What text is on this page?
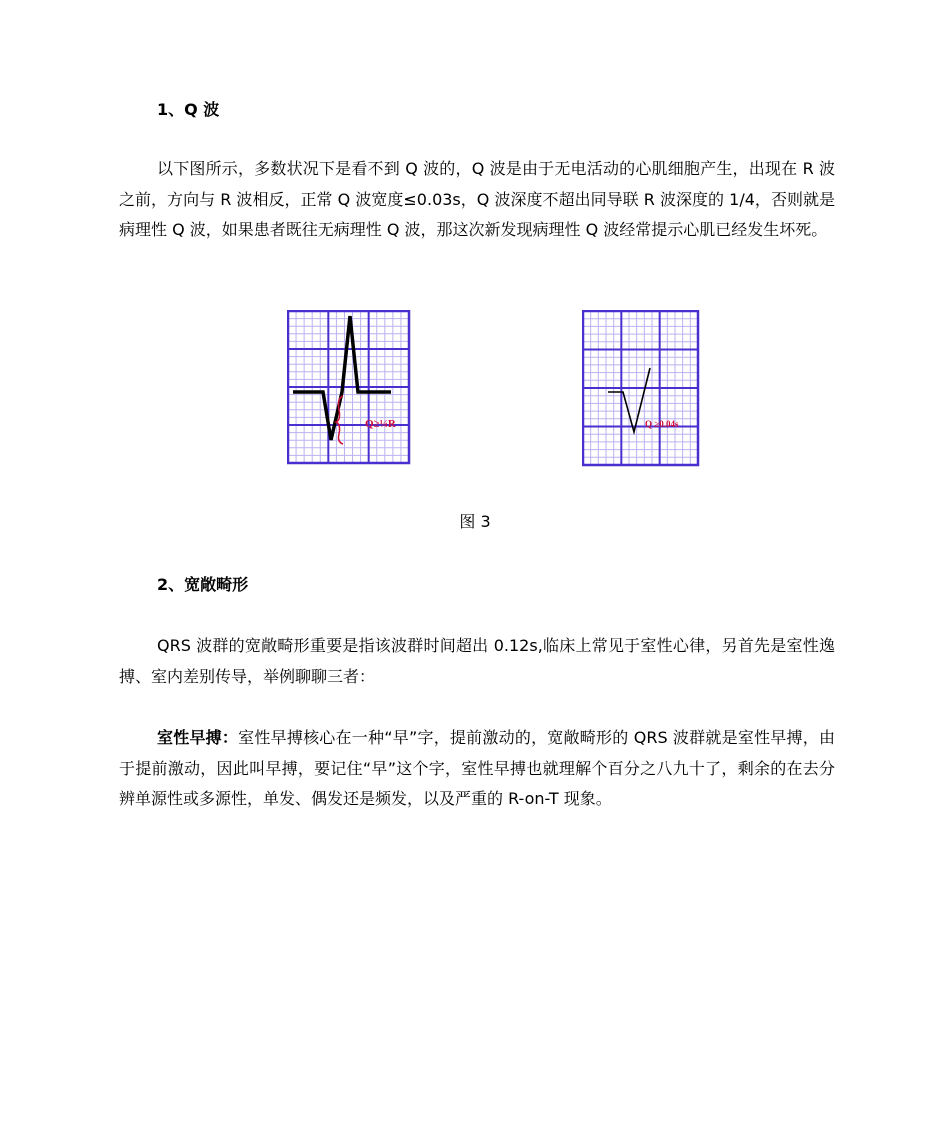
1、Q 波

以下图所示，多数状况下是看不到 Q 波的，Q 波是由于无电活动的心肌细胞产生，出现在 R 波之前，方向与 R 波相反，正常 Q 波宽度≤0.03s，Q 波深度不超出同导联 R 波深度的 1/4，否则就是病理性 Q 波，如果患者既往无病理性 Q 波，那这次新发现病理性 Q 波经常提示心肌已经发生坏死。

Q≥¼R	Q ≥0.04s
图 3
2、宽敞畸形

QRS 波群的宽敞畸形重要是指该波群时间超出 0.12s,临床上常见于室性心律，另首先是室性逸搏、室内差别传导，举例聊聊三者：

室性早搏：室性早搏核心在一种“早”字，提前激动的，宽敞畸形的 QRS 波群就是室性早搏，由于提前激动，因此叫早搏，要记住“早”这个字，室性早搏也就理解个百分之八九十了，剩余的在去分辨单源性或多源性，单发、偶发还是频发，以及严重的 R-on-T 现象。
